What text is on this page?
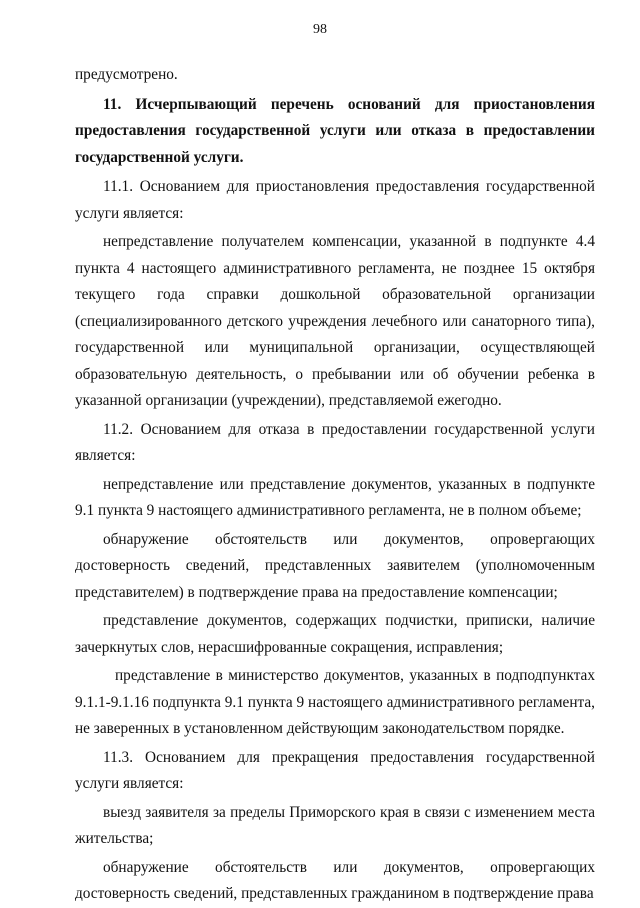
98

предусмотрено.

11. Исчерпывающий перечень оснований для приостановления предоставления государственной услуги или отказа в предоставлении государственной услуги.

11.1. Основанием для приостановления предоставления государственной услуги является:

непредставление получателем компенсации, указанной в подпункте 4.4 пункта 4 настоящего административного регламента, не позднее 15 октября текущего года справки дошкольной образовательной организации (специализированного детского учреждения лечебного или санаторного типа), государственной или муниципальной организации, осуществляющей образовательную деятельность, о пребывании или об обучении ребенка в указанной организации (учреждении), представляемой ежегодно.

11.2. Основанием для отказа в предоставлении государственной услуги является:

непредставление или представление документов, указанных в подпункте 9.1 пункта 9 настоящего административного регламента, не в полном объеме;

обнаружение обстоятельств или документов, опровергающих достоверность сведений, представленных заявителем (уполномоченным представителем) в подтверждение права на предоставление компенсации;

представление документов, содержащих подчистки, приписки, наличие зачеркнутых слов, нерасшифрованные сокращения, исправления;

представление в министерство документов, указанных в подподпунктах 9.1.1-9.1.16 подпункта 9.1 пункта 9 настоящего административного регламента, не заверенных в установленном действующим законодательством порядке.

11.3. Основанием для прекращения предоставления государственной услуги является:

выезд заявителя за пределы Приморского края в связи с изменением места жительства;

обнаружение обстоятельств или документов, опровергающих достоверность сведений, представленных гражданином в подтверждение права
